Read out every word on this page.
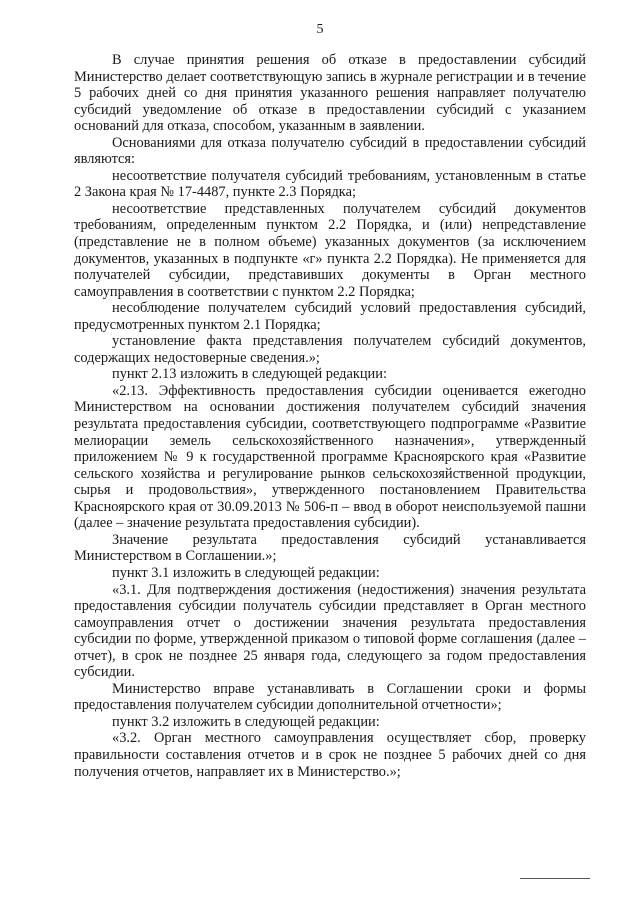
5

В случае принятия решения об отказе в предоставлении субсидий Министерство делает соответствующую запись в журнале регистрации и в течение 5 рабочих дней со дня принятия указанного решения направляет получателю субсидий уведомление об отказе в предоставлении субсидий с указанием оснований для отказа, способом, указанным в заявлении.

Основаниями для отказа получателю субсидий в предоставлении субсидий являются:

несоответствие получателя субсидий требованиям, установленным в статье 2 Закона края № 17-4487, пункте 2.3 Порядка;

несоответствие представленных получателем субсидий документов требованиям, определенным пунктом 2.2 Порядка, и (или) непредставление (представление не в полном объеме) указанных документов (за исключением документов, указанных в подпункте «г» пункта 2.2 Порядка). Не применяется для получателей субсидии, представивших документы в Орган местного самоуправления в соответствии с пунктом 2.2 Порядка;

несоблюдение получателем субсидий условий предоставления субсидий, предусмотренных пунктом 2.1 Порядка;

установление факта представления получателем субсидий документов, содержащих недостоверные сведения.»;

пункт 2.13 изложить в следующей редакции:

«2.13. Эффективность предоставления субсидии оценивается ежегодно Министерством на основании достижения получателем субсидий значения результата предоставления субсидии, соответствующего подпрограмме «Развитие мелиорации земель сельскохозяйственного назначения», утвержденный приложением № 9 к государственной программе Красноярского края «Развитие сельского хозяйства и регулирование рынков сельскохозяйственной продукции, сырья и продовольствия», утвержденного постановлением Правительства Красноярского края от 30.09.2013 № 506-п – ввод в оборот неиспользуемой пашни (далее – значение результата предоставления субсидии).

Значение результата предоставления субсидий устанавливается Министерством в Соглашении.»;

пункт 3.1 изложить в следующей редакции:

«3.1. Для подтверждения достижения (недостижения) значения результата предоставления субсидии получатель субсидии представляет в Орган местного самоуправления отчет о достижении значения результата предоставления субсидии по форме, утвержденной приказом о типовой форме соглашения (далее – отчет), в срок не позднее 25 января года, следующего за годом предоставления субсидии.

Министерство вправе устанавливать в Соглашении сроки и формы предоставления получателем субсидии дополнительной отчетности»;

пункт 3.2 изложить в следующей редакции:

«3.2. Орган местного самоуправления осуществляет сбор, проверку правильности составления отчетов и в срок не позднее 5 рабочих дней со дня получения отчетов, направляет их в Министерство.»;
